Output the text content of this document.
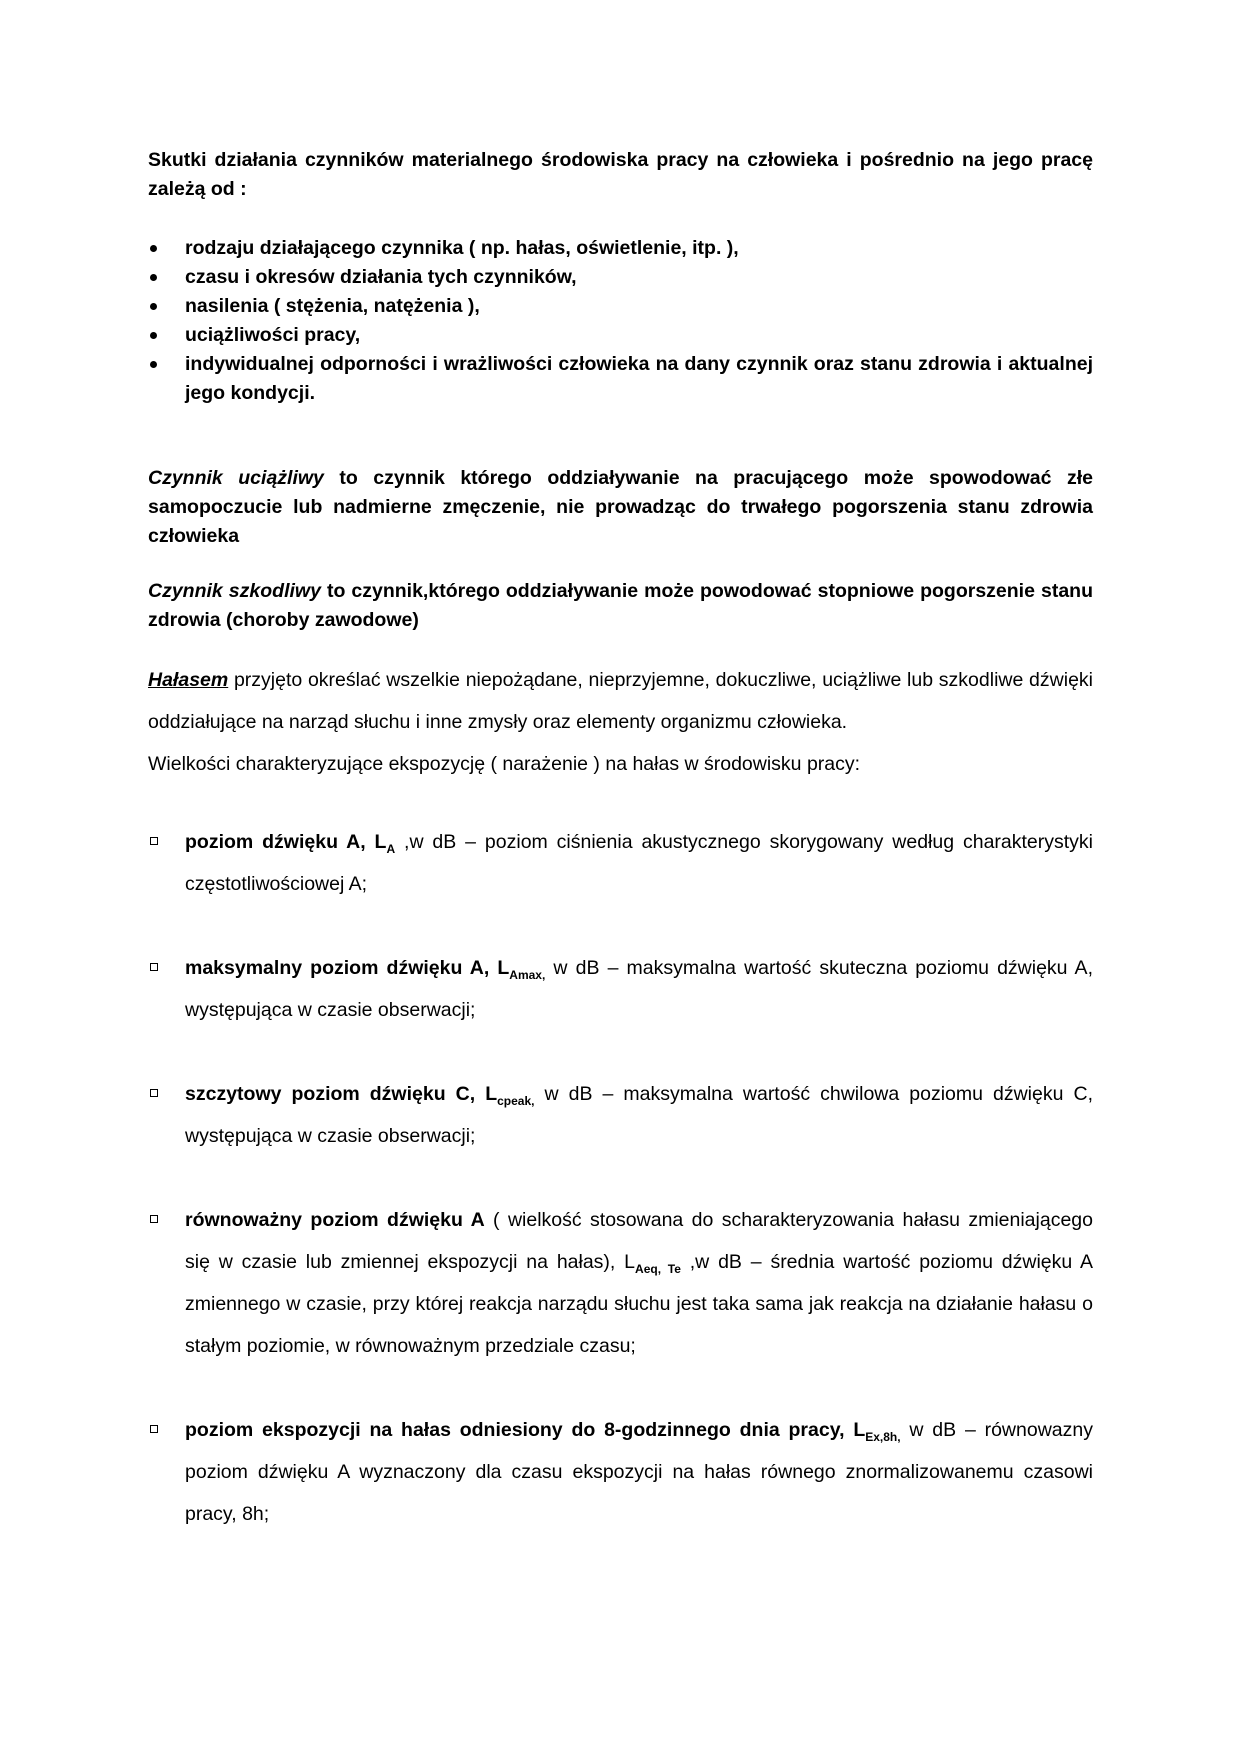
Skutki działania czynników materialnego środowiska pracy na człowieka i pośrednio na jego pracę zależą od :

rodzaju działającego czynnika ( np. hałas, oświetlenie, itp. ),
czasu i okresów działania tych czynników,
nasilenia ( stężenia, natężenia ),
uciążliwości pracy,
indywidualnej odporności i wrażliwości człowieka na dany czynnik oraz stanu zdrowia i aktualnej jego kondycji.

Czynnik uciążliwy to czynnik którego oddziaływanie na pracującego może spowodować złe samopoczucie lub nadmierne zmęczenie, nie prowadząc do trwałego pogorszenia stanu zdrowia człowieka

Czynnik szkodliwy to czynnik,którego oddziaływanie może powodować stopniowe pogorszenie stanu zdrowia (choroby zawodowe)

Hałasem przyjęto określać wszelkie niepożądane, nieprzyjemne, dokuczliwe, uciążliwe lub szkodliwe dźwięki oddziałujące na narząd słuchu i inne zmysły oraz elementy organizmu człowieka.

Wielkości charakteryzujące ekspozycję ( narażenie ) na hałas w środowisku pracy:

poziom dźwięku A, $L_A$ ,w dB – poziom ciśnienia akustycznego skorygowany według charakterystyki częstotliwościowej A;
maksymalny poziom dźwięku A, $L_{Amax,}$ w dB – maksymalna wartość skuteczna poziomu dźwięku A, występująca w czasie obserwacji;
szczytowy poziom dźwięku C, $L_{cpeak,}$ w dB – maksymalna wartość chwilowa poziomu dźwięku C, występująca w czasie obserwacji;
równoważny poziom dźwięku A ( wielkość stosowana do scharakteryzowania hałasu zmieniającego się w czasie lub zmiennej ekspozycji na hałas), $L_{Aeq, Te}$ ,w dB – średnia wartość poziomu dźwięku A zmiennego w czasie, przy której reakcja narządu słuchu jest taka sama jak reakcja na działanie hałasu o stałym poziomie, w równoważnym przedziale czasu;
poziom ekspozycji na hałas odniesiony do 8-godzinnego dnia pracy, $L_{Ex,8h,}$ w dB – równowazny poziom dźwięku A wyznaczony dla czasu ekspozycji na hałas równego znormalizowanemu czasowi pracy, 8h;
